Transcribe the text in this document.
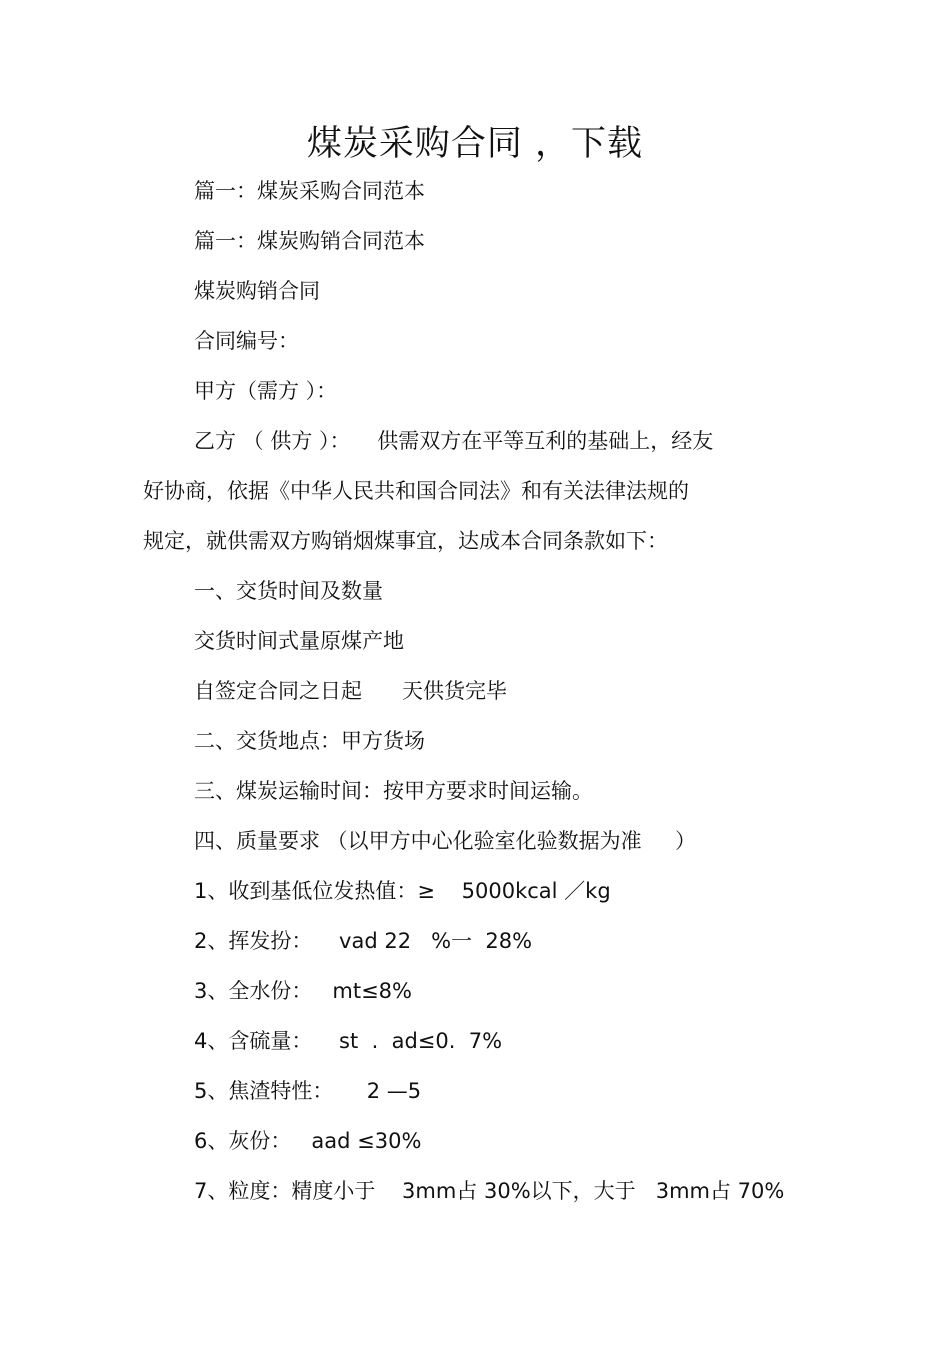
煤炭采购合同 ，下载
篇一：煤炭采购合同范本
篇一：煤炭购销合同范本
煤炭购销合同
合同编号：
甲方（需方 ）：
乙方 （ 供方 ）：    供需双方在平等互利的基础上，经友
好协商，依据《中华人民共和国合同法》和有关法律法规的
规定，就供需双方购销烟煤事宜，达成本合同条款如下：
一、交货时间及数量
交货时间式量原煤产地
自签定合同之日起      天供货完毕
二、交货地点：甲方货场
三、煤炭运输时间：按甲方要求时间运输。
四、质量要求 （以甲方中心化验室化验数据为准     ）
1、收到基低位发热值：≥    5000kcal ／kg
2、挥发扮：    vad 22   %一  28%
3、全水份：   mt≤8%
4、含硫量：    st  .  ad≤0.  7%
5、焦渣特性：     2 —5
6、灰份：   aad ≤30%
7、粒度：精度小于    3mm占 30%以下，大于   3mm占 70%
